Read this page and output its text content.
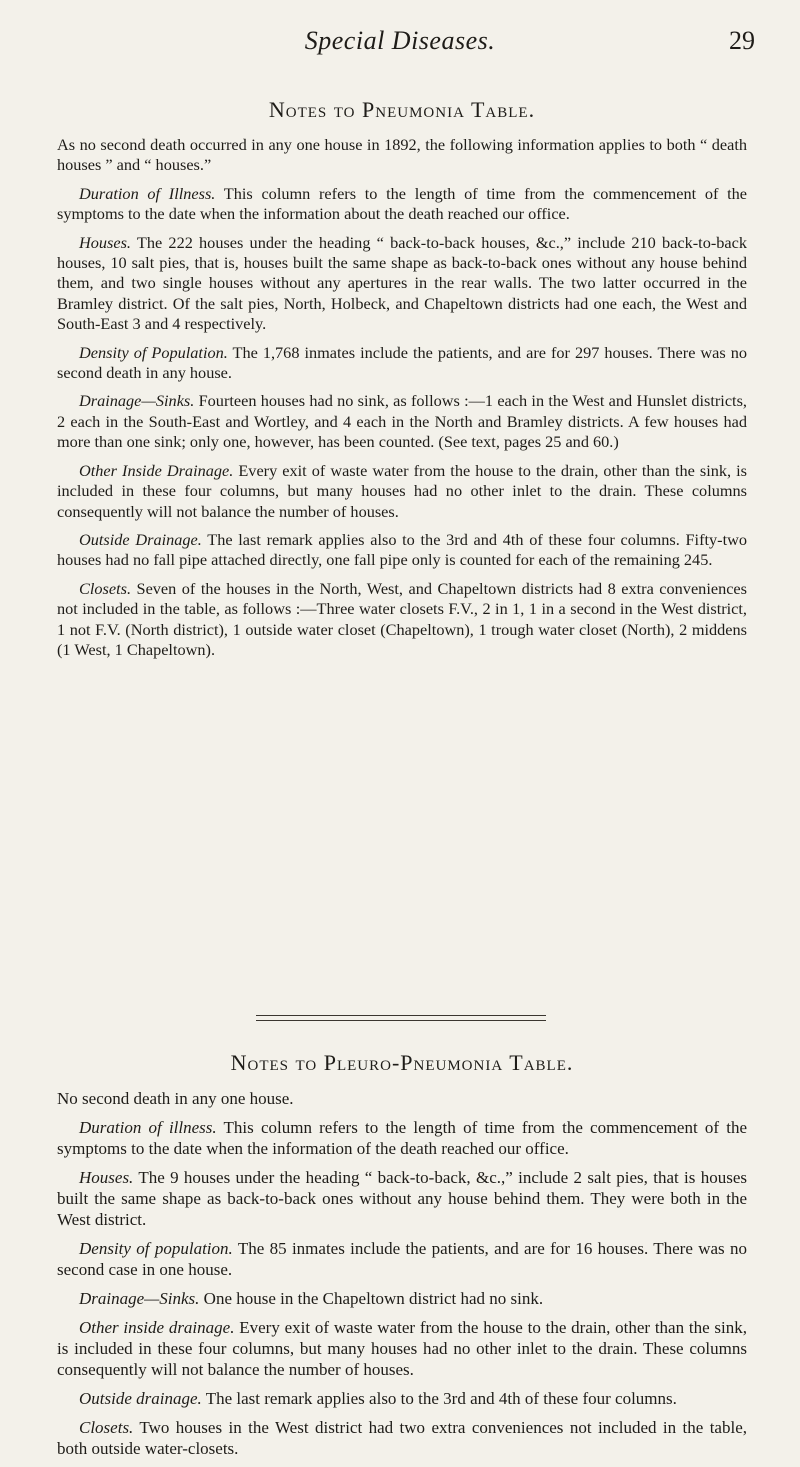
Special Diseases.	29
Notes to Pneumonia Table.

As no second death occurred in any one house in 1892, the following information applies to both “ death houses ” and “ houses.”

Duration of Illness. This column refers to the length of time from the commencement of the symptoms to the date when the information about the death reached our office.

Houses. The 222 houses under the heading “ back-to-back houses, &c.,” include 210 back-to-back houses, 10 salt pies, that is, houses built the same shape as back-to-back ones without any house behind them, and two single houses without any apertures in the rear walls. The two latter occurred in the Bramley district. Of the salt pies, North, Holbeck, and Chapeltown districts had one each, the West and South-East 3 and 4 respectively.

Density of Population. The 1,768 inmates include the patients, and are for 297 houses. There was no second death in any house.

Drainage—Sinks. Fourteen houses had no sink, as follows :—1 each in the West and Hunslet districts, 2 each in the South-East and Wortley, and 4 each in the North and Bramley districts. A few houses had more than one sink; only one, however, has been counted. (See text, pages 25 and 60.)

Other Inside Drainage. Every exit of waste water from the house to the drain, other than the sink, is included in these four columns, but many houses had no other inlet to the drain. These columns consequently will not balance the number of houses.

Outside Drainage. The last remark applies also to the 3rd and 4th of these four columns. Fifty-two houses had no fall pipe attached directly, one fall pipe only is counted for each of the remaining 245.

Closets. Seven of the houses in the North, West, and Chapeltown districts had 8 extra conveniences not included in the table, as follows :—Three water closets F.V., 2 in 1, 1 in a second in the West district, 1 not F.V. (North district), 1 outside water closet (Chapeltown), 1 trough water closet (North), 2 middens (1 West, 1 Chapeltown).

Notes to Pleuro-Pneumonia Table.

No second death in any one house.

Duration of illness. This column refers to the length of time from the commencement of the symptoms to the date when the information of the death reached our office.

Houses. The 9 houses under the heading “ back-to-back, &c.,” include 2 salt pies, that is houses built the same shape as back-to-back ones without any house behind them. They were both in the West district.

Density of population. The 85 inmates include the patients, and are for 16 houses. There was no second case in one house.

Drainage—Sinks. One house in the Chapeltown district had no sink.

Other inside drainage. Every exit of waste water from the house to the drain, other than the sink, is included in these four columns, but many houses had no other inlet to the drain. These columns consequently will not balance the number of houses.

Outside drainage. The last remark applies also to the 3rd and 4th of these four columns.

Closets. Two houses in the West district had two extra conveniences not included in the table, both outside water-closets.
